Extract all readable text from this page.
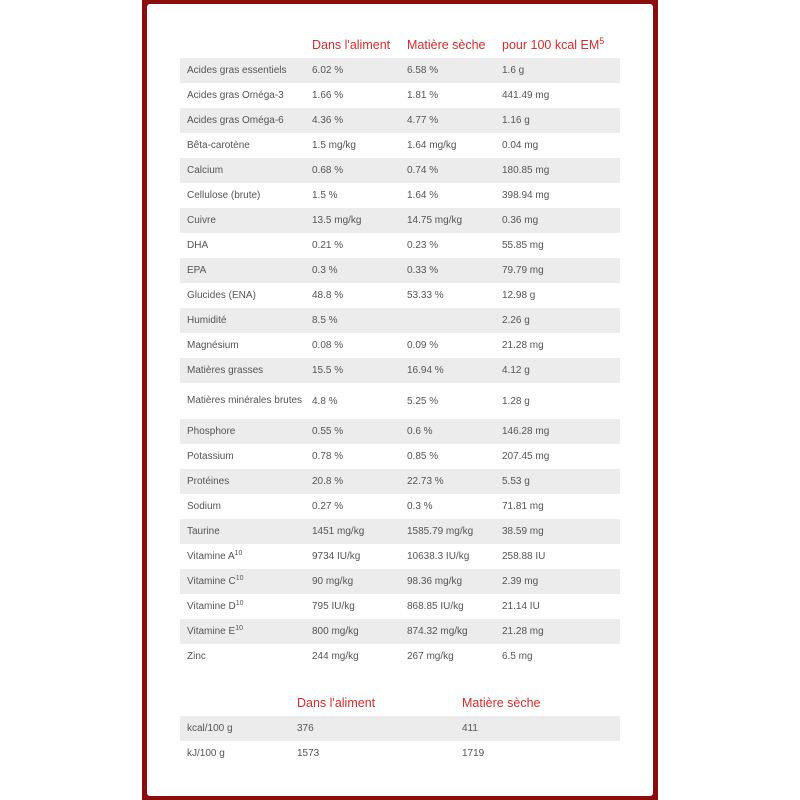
	Dans l'aliment	Matière sèche	pour 100 kcal $EM^5$
Acides gras essentiels	6.02 %	6.58 %	1.6 g
Acides gras Oméga-3	1.66 %	1.81 %	441.49 mg
Acides gras Oméga-6	4.36 %	4.77 %	1.16 g
Bêta-carotène	1.5 mg/kg	1.64 mg/kg	0.04 mg
Calcium	0.68 %	0.74 %	180.85 mg
Cellulose (brute)	1.5 %	1.64 %	398.94 mg
Cuivre	13.5 mg/kg	14.75 mg/kg	0.36 mg
DHA	0.21 %	0.23 %	55.85 mg
EPA	0.3 %	0.33 %	79.79 mg
Glucides (ENA)	48.8 %	53.33 %	12.98 g
Humidité	8.5 %		2.26 g
Magnésium	0.08 %	0.09 %	21.28 mg
Matières grasses	15.5 %	16.94 %	4.12 g
Matières minérales brutes	4.8 %	5.25 %	1.28 g
Phosphore	0.55 %	0.6 %	146.28 mg
Potassium	0.78 %	0.85 %	207.45 mg
Protéines	20.8 %	22.73 %	5.53 g
Sodium	0.27 %	0.3 %	71.81 mg
Taurine	1451 mg/kg	1585.79 mg/kg	38.59 mg
Vitamine $A^{10}$	9734 IU/kg	10638.3 IU/kg	258.88 IU
Vitamine $C^{10}$	90 mg/kg	98.36 mg/kg	2.39 mg
Vitamine $D^{10}$	795 IU/kg	868.85 IU/kg	21.14 IU
Vitamine $E^{10}$	800 mg/kg	874.32 mg/kg	21.28 mg
Zinc	244 mg/kg	267 mg/kg	6.5 mg
	Dans l'aliment	Matière sèche
kcal/100 g	376	411
kJ/100 g	1573	1719
